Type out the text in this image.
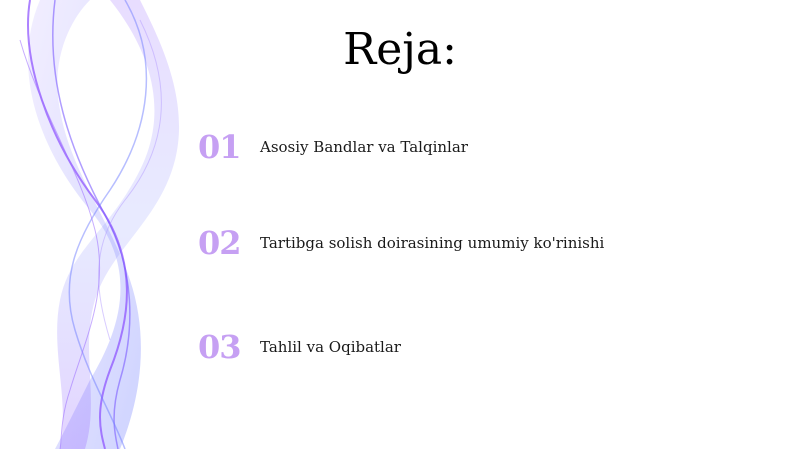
Reja:
01	Asosiy Bandlar va Talqinlar
02	Tartibga solish doirasining umumiy ko'rinishi
03	Tahlil va Oqibatlar
